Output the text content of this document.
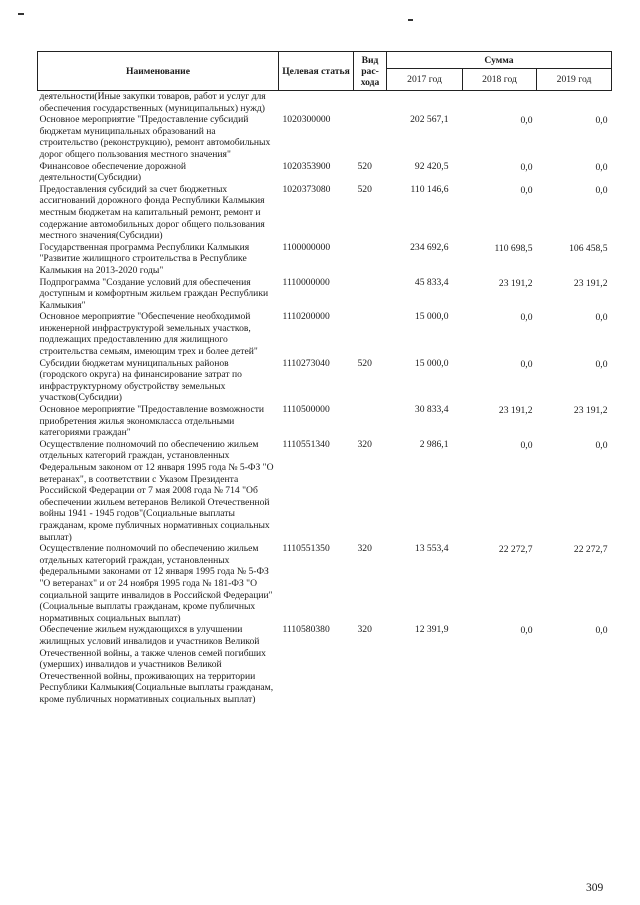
Наименование	Целевая статья	Вид рас-хода	Сумма		
			2017 год	2018 год	2019 год
деятельности(Иные закупки товаров, работ и услуг для обеспечения государственных (муниципальных) нужд)					
Основное мероприятие "Предоставление субсидий бюджетам муниципальных образований на строительство (реконструкцию), ремонт автомобильных дорог общего пользования местного значения"	1020300000		202 567,1	0,0	0,0
Финансовое обеспечение дорожной деятельности(Субсидии)	1020353900	520	92 420,5	0,0	0,0
Предоставления субсидий за счет бюджетных ассигнований дорожного фонда Республики Калмыкия местным бюджетам на капитальный ремонт, ремонт и содержание автомобильных дорог общего пользования местного значения(Субсидии)	1020373080	520	110 146,6	0,0	0,0
Государственная программа Республики Калмыкия "Развитие жилищного строительства в Республике Калмыкия на 2013-2020 годы"	1100000000		234 692,6	110 698,5	106 458,5
Подпрограмма "Создание условий для обеспечения доступным и комфортным жильем граждан Республики Калмыкия"	1110000000		45 833,4	23 191,2	23 191,2
Основное мероприятие "Обеспечение необходимой инженерной инфраструктурой земельных участков, подлежащих предоставлению для жилищного строительства семьям, имеющим трех и более детей"	1110200000		15 000,0	0,0	0,0
Субсидии бюджетам муниципальных районов (городского округа) на финансирование затрат по инфраструктурному обустройству земельных участков(Субсидии)	1110273040	520	15 000,0	0,0	0,0
Основное мероприятие "Предоставление возможности приобретения жилья экономкласса отдельными категориями граждан"	1110500000		30 833,4	23 191,2	23 191,2
Осуществление полномочий по обеспечению жильем отдельных категорий граждан, установленных Федеральным законом от 12 января 1995 года № 5-ФЗ "О ветеранах", в соответствии с Указом Президента Российской Федерации от 7 мая 2008 года № 714 "Об обеспечении жильем ветеранов Великой Отечественной войны 1941 - 1945 годов"(Социальные выплаты гражданам, кроме публичных нормативных социальных выплат)	1110551340	320	2 986,1	0,0	0,0
Осуществление полномочий по обеспечению жильем отдельных категорий граждан, установленных федеральными законами от 12 января 1995 года № 5-ФЗ "О ветеранах" и от 24 ноября 1995 года № 181-ФЗ "О социальной защите инвалидов в Российской Федерации"(Социальные выплаты гражданам, кроме публичных нормативных социальных выплат)	1110551350	320	13 553,4	22 272,7	22 272,7
Обеспечение жильем нуждающихся в улучшении жилищных условий инвалидов и участников Великой Отечественной войны, а также членов семей погибших (умерших) инвалидов и участников Великой Отечественной войны, проживающих на территории Республики Калмыкия(Социальные выплаты гражданам, кроме публичных нормативных социальных выплат)	1110580380	320	12 391,9	0,0	0,0
309
